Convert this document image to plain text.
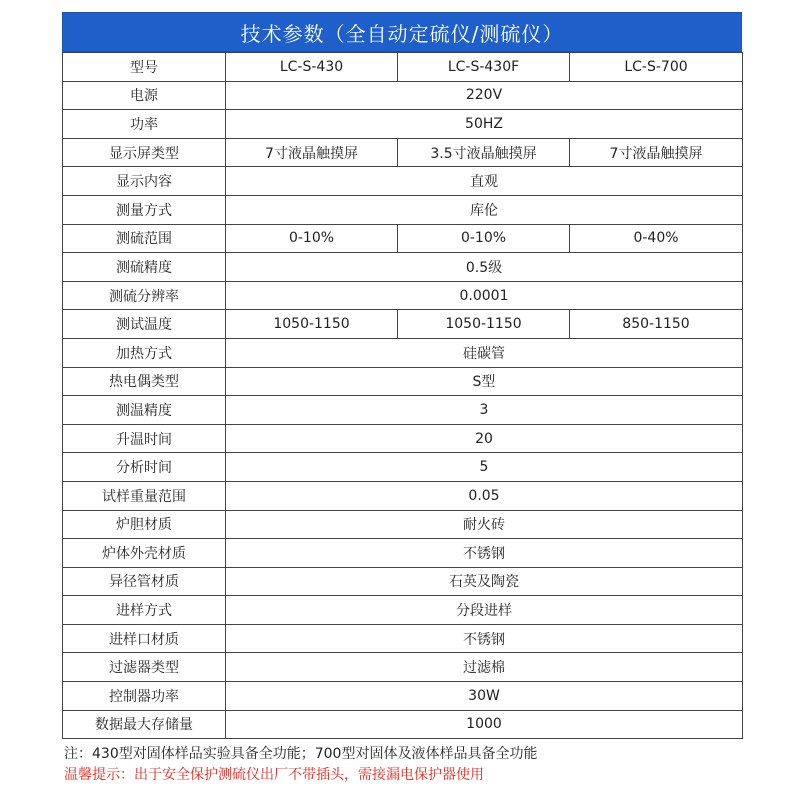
技术参数（全自动定硫仪/测硫仪）
型号	LC-S-430	LC-S-430F	LC-S-700
电源	220V		
功率	50HZ		
显示屏类型	7寸液晶触摸屏	3.5寸液晶触摸屏	7寸液晶触摸屏
显示内容	直观		
测量方式	库伦		
测硫范围	0-10%	0-10%	0-40%
测硫精度	0.5级		
测硫分辨率	0.0001		
测试温度	1050-1150	1050-1150	850-1150
加热方式	硅碳管		
热电偶类型	S型		
测温精度	3		
升温时间	20		
分析时间	5		
试样重量范围	0.05		
炉胆材质	耐火砖		
炉体外壳材质	不锈钢		
异径管材质	石英及陶瓷		
进样方式	分段进样		
进样口材质	不锈钢		
过滤器类型	过滤棉		
控制器功率	30W		
数据最大存储量	1000		
注：430型对固体样品实验具备全功能；700型对固体及液体样品具备全功能
温馨提示：出于安全保护测硫仪出厂不带插头，需接漏电保护器使用
